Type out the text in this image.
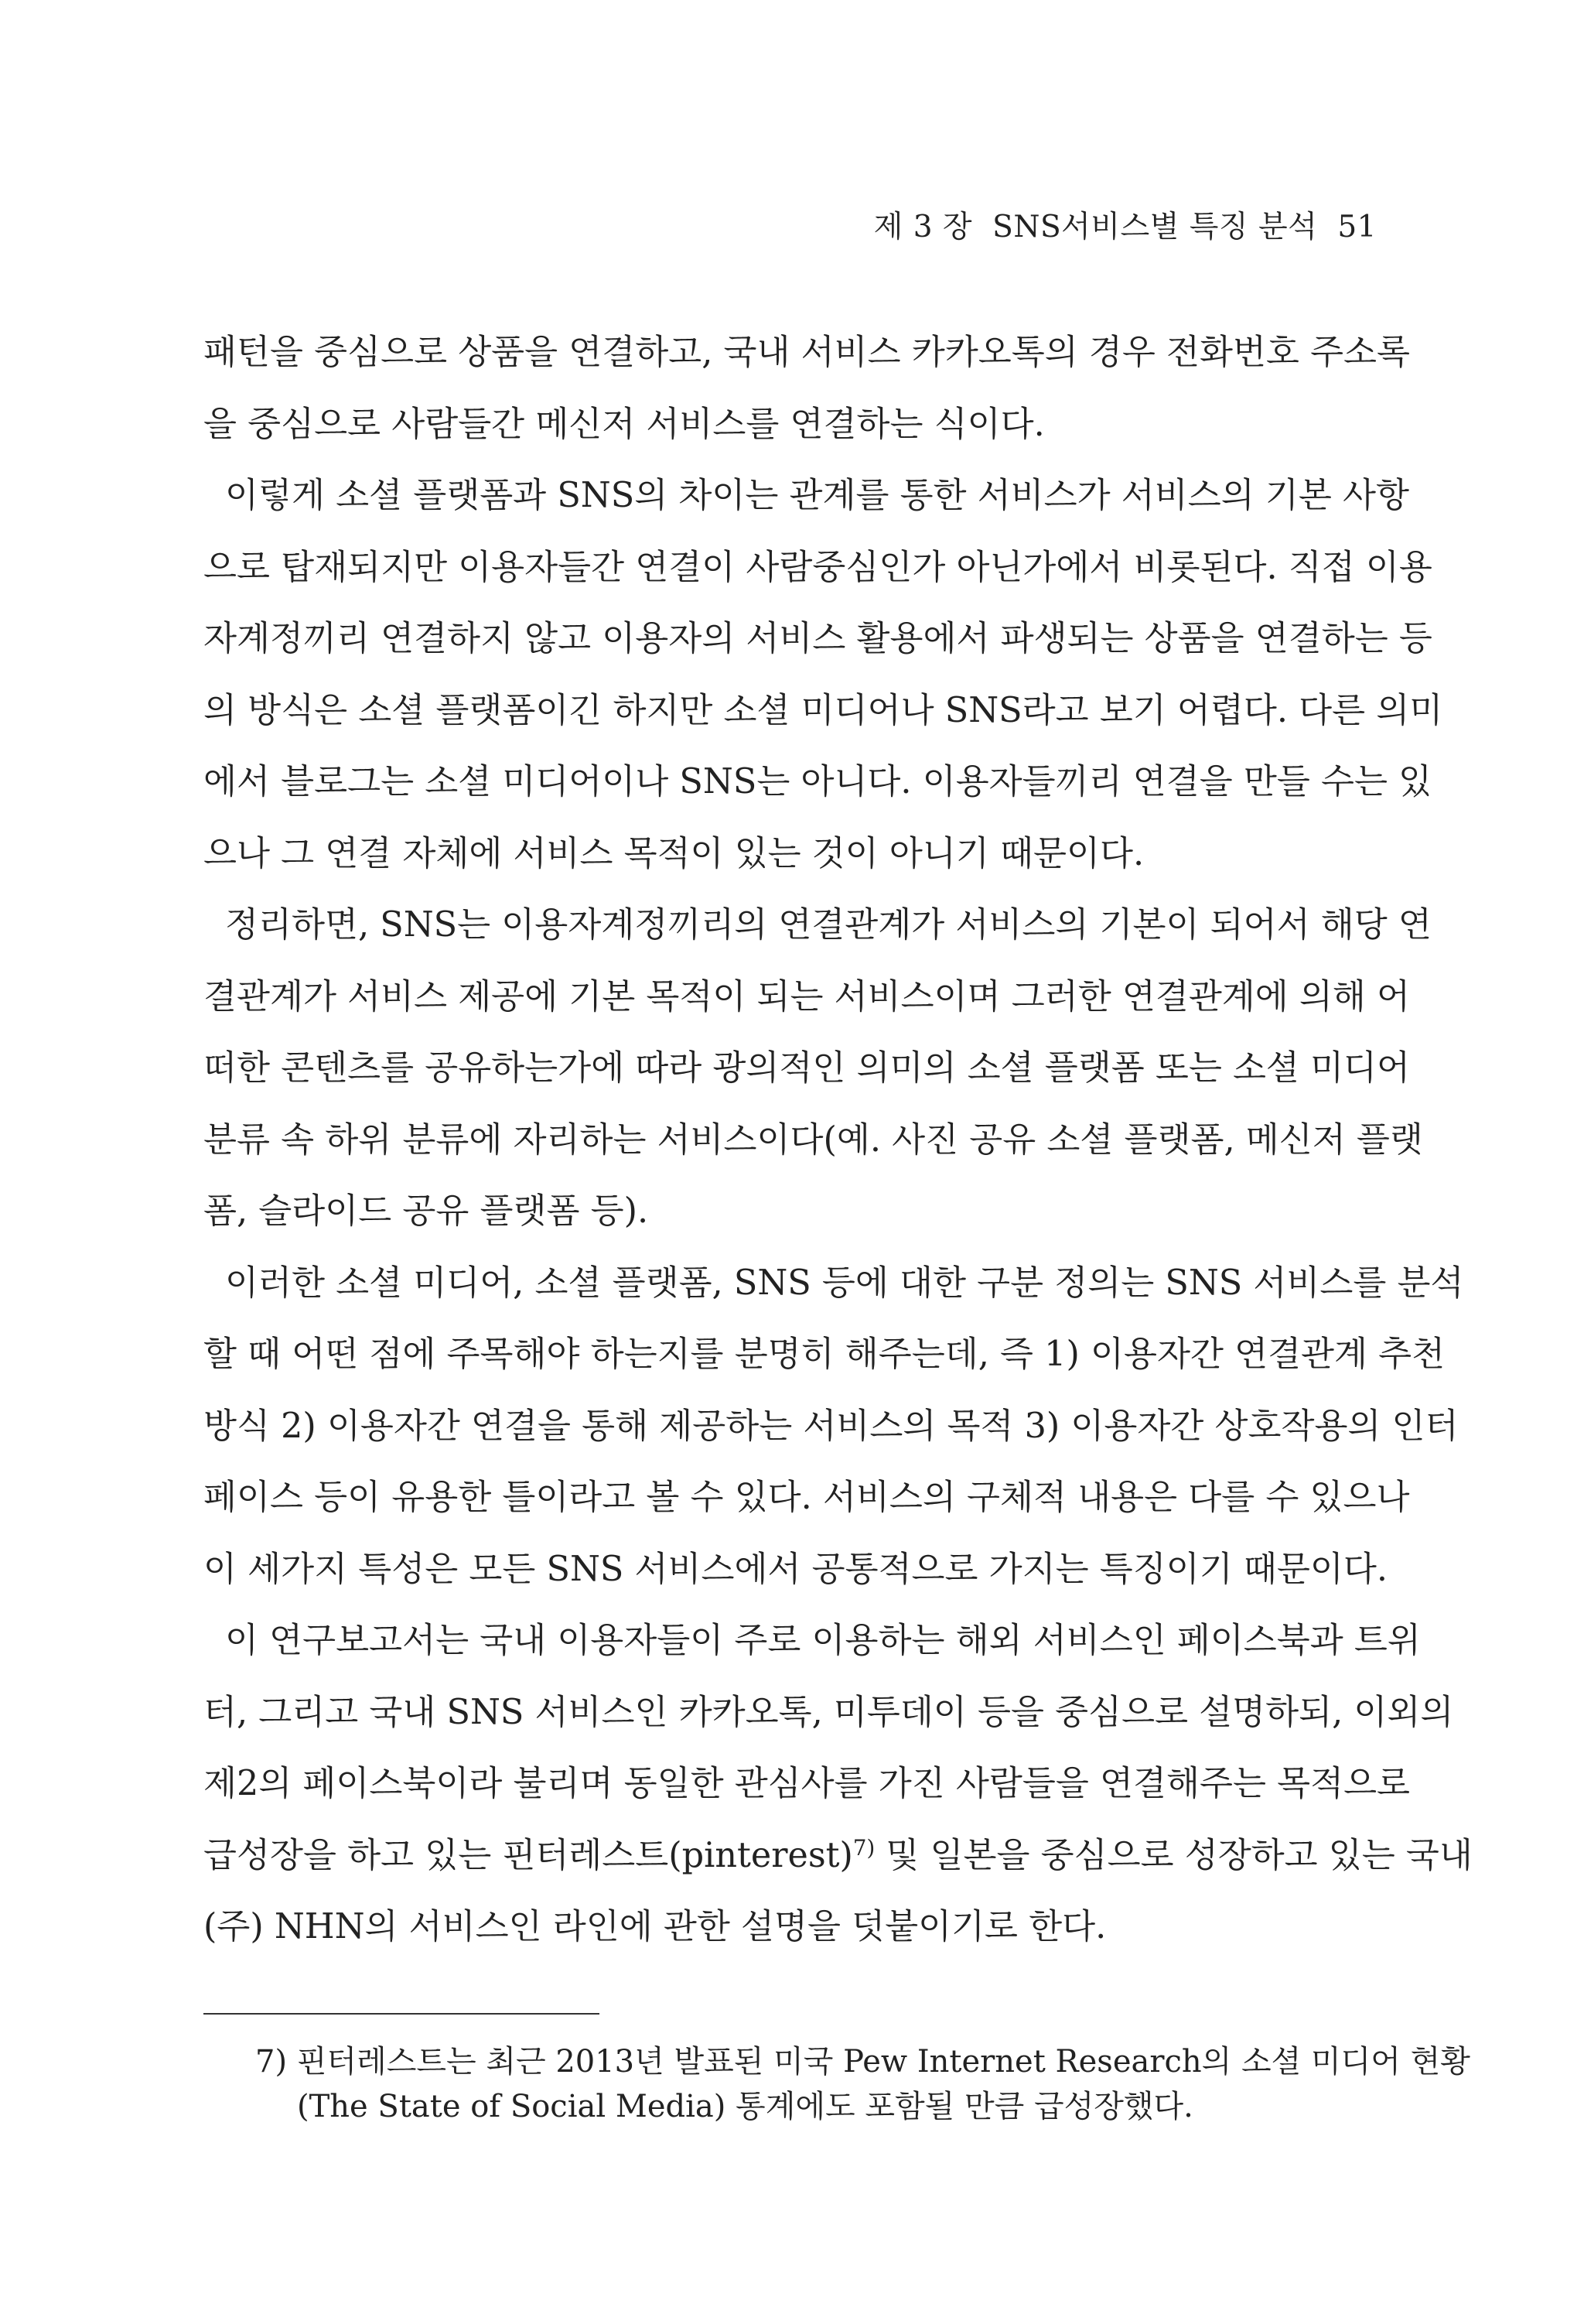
제 3 장 SNS서비스별 특징 분석 51
패턴을 중심으로 상품을 연결하고, 국내 서비스 카카오톡의 경우 전화번호 주소록
을 중심으로 사람들간 메신저 서비스를 연결하는 식이다.
이렇게 소셜 플랫폼과 SNS의 차이는 관계를 통한 서비스가 서비스의 기본 사항
으로 탑재되지만 이용자들간 연결이 사람중심인가 아닌가에서 비롯된다. 직접 이용
자계정끼리 연결하지 않고 이용자의 서비스 활용에서 파생되는 상품을 연결하는 등
의 방식은 소셜 플랫폼이긴 하지만 소셜 미디어나 SNS라고 보기 어렵다. 다른 의미
에서 블로그는 소셜 미디어이나 SNS는 아니다. 이용자들끼리 연결을 만들 수는 있
으나 그 연결 자체에 서비스 목적이 있는 것이 아니기 때문이다.
정리하면, SNS는 이용자계정끼리의 연결관계가 서비스의 기본이 되어서 해당 연
결관계가 서비스 제공에 기본 목적이 되는 서비스이며 그러한 연결관계에 의해 어
떠한 콘텐츠를 공유하는가에 따라 광의적인 의미의 소셜 플랫폼 또는 소셜 미디어
분류 속 하위 분류에 자리하는 서비스이다(예. 사진 공유 소셜 플랫폼, 메신저 플랫
폼, 슬라이드 공유 플랫폼 등).
이러한 소셜 미디어, 소셜 플랫폼, SNS 등에 대한 구분 정의는 SNS 서비스를 분석
할 때 어떤 점에 주목해야 하는지를 분명히 해주는데, 즉 1) 이용자간 연결관계 추천
방식 2) 이용자간 연결을 통해 제공하는 서비스의 목적 3) 이용자간 상호작용의 인터
페이스 등이 유용한 틀이라고 볼 수 있다. 서비스의 구체적 내용은 다를 수 있으나
이 세가지 특성은 모든 SNS 서비스에서 공통적으로 가지는 특징이기 때문이다.
이 연구보고서는 국내 이용자들이 주로 이용하는 해외 서비스인 페이스북과 트위
터, 그리고 국내 SNS 서비스인 카카오톡, 미투데이 등을 중심으로 설명하되, 이외의
제2의 페이스북이라 불리며 동일한 관심사를 가진 사람들을 연결해주는 목적으로
급성장을 하고 있는 핀터레스트(pinterest)$^{7)}$ 및 일본을 중심으로 성장하고 있는 국내
(주) NHN의 서비스인 라인에 관한 설명을 덧붙이기로 한다.
7) 핀터레스트는 최근 2013년 발표된 미국 Pew Internet Research의 소셜 미디어 현황
(The State of Social Media) 통계에도 포함될 만큼 급성장했다.
